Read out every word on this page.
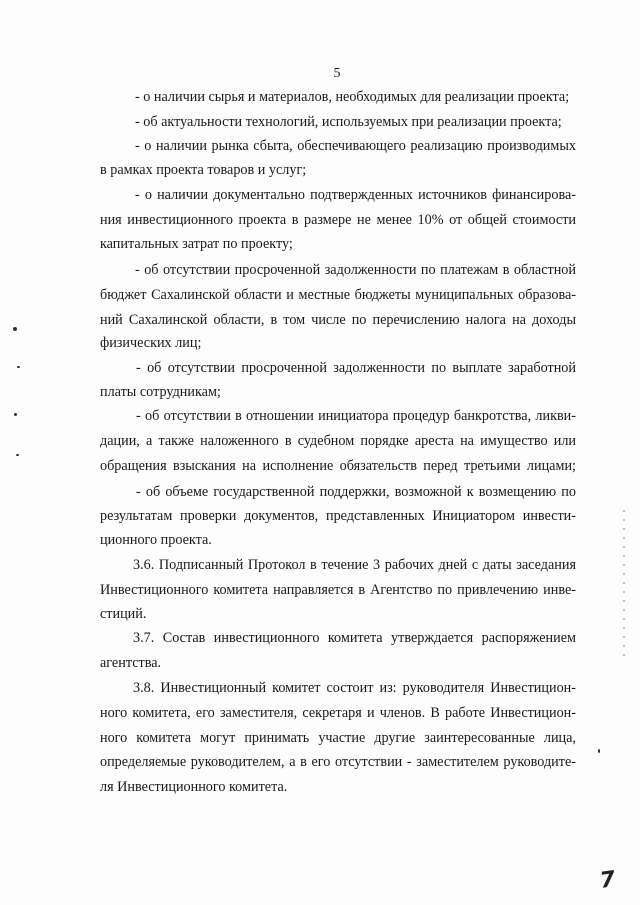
5

- о наличии сырья и материалов, необходимых для реализации проекта;

- об актуальности технологий, используемых при реализации проекта;

- о наличии рынка сбыта, обеспечивающего реализацию производимых

в рамках проекта товаров и услуг;

- о наличии документально подтвержденных источников финансирова-

ния инвестиционного проекта в размере не менее 10% от общей стоимости

капитальных затрат по проекту;

- об отсутствии просроченной задолженности по платежам в областной

бюджет Сахалинской области и местные бюджеты муниципальных образова-

ний Сахалинской области, в том числе по перечислению налога на доходы

физических лиц;

- об отсутствии просроченной задолженности по выплате заработной

платы сотрудникам;

- об отсутствии в отношении инициатора процедур банкротства, ликви-

дации, а также наложенного в судебном порядке ареста на имущество или

обращения взыскания на исполнение обязательств перед третьими лицами;

- об объеме государственной поддержки, возможной к возмещению по

результатам проверки документов, представленных Инициатором инвести-

ционного проекта.

3.6. Подписанный Протокол в течение 3 рабочих дней с даты заседания

Инвестиционного комитета направляется в Агентство по привлечению инве-

стиций.

3.7. Состав инвестиционного комитета утверждается распоряжением

агентства.

3.8. Инвестиционный комитет состоит из: руководителя Инвестицион-

ного комитета, его заместителя, секретаря и членов. В работе Инвестицион-

ного комитета могут принимать участие другие заинтересованные лица,

определяемые руководителем, а в его отсутствии - заместителем руководите-

ля Инвестиционного комитета.

7
